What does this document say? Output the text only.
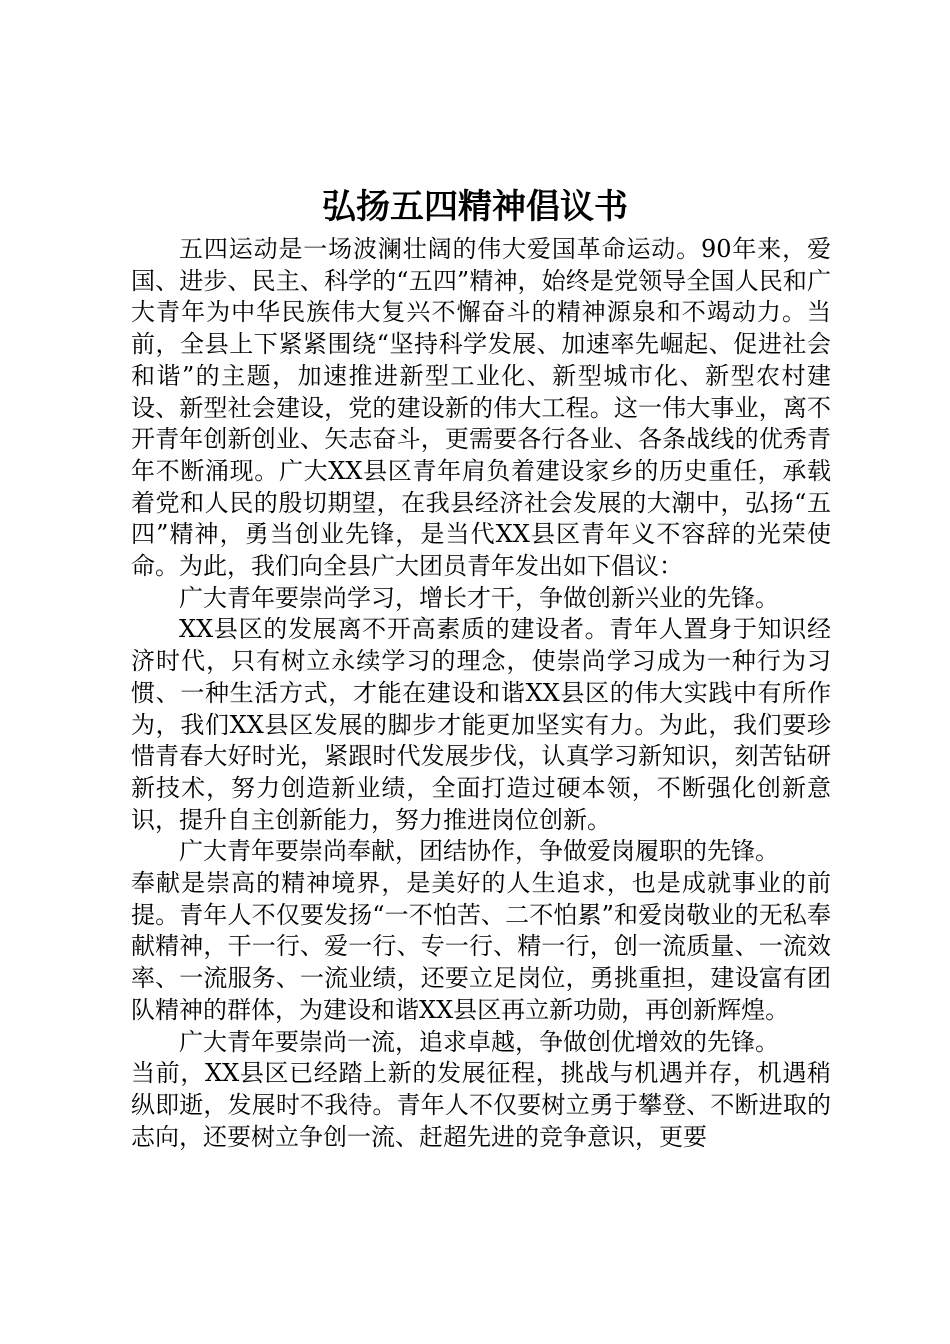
弘扬五四精神倡议书

五四运动是一场波澜壮阔的伟大爱国革命运动。90年来，爱国、进步、民主、科学的“五四”精神，始终是党领导全国人民和广大青年为中华民族伟大复兴不懈奋斗的精神源泉和不竭动力。当前，全县上下紧紧围绕“坚持科学发展、加速率先崛起、促进社会和谐”的主题，加速推进新型工业化、新型城市化、新型农村建设、新型社会建设，党的建设新的伟大工程。这一伟大事业，离不开青年创新创业、矢志奋斗，更需要各行各业、各条战线的优秀青年不断涌现。广大XX县区青年肩负着建设家乡的历史重任，承载着党和人民的殷切期望，在我县经济社会发展的大潮中，弘扬“五四”精神，勇当创业先锋，是当代XX县区青年义不容辞的光荣使命。为此，我们向全县广大团员青年发出如下倡议：

广大青年要崇尚学习，增长才干，争做创新兴业的先锋。

XX县区的发展离不开高素质的建设者。青年人置身于知识经济时代，只有树立永续学习的理念，使崇尚学习成为一种行为习惯、一种生活方式，才能在建设和谐XX县区的伟大实践中有所作为，我们XX县区发展的脚步才能更加坚实有力。为此，我们要珍惜青春大好时光，紧跟时代发展步伐，认真学习新知识，刻苦钻研新技术，努力创造新业绩，全面打造过硬本领，不断强化创新意识，提升自主创新能力，努力推进岗位创新。

广大青年要崇尚奉献，团结协作，争做爱岗履职的先锋。

奉献是崇高的精神境界，是美好的人生追求，也是成就事业的前提。青年人不仅要发扬“一不怕苦、二不怕累”和爱岗敬业的无私奉献精神，干一行、爱一行、专一行、精一行，创一流质量、一流效率、一流服务、一流业绩，还要立足岗位，勇挑重担，建设富有团队精神的群体，为建设和谐XX县区再立新功勋，再创新辉煌。

广大青年要崇尚一流，追求卓越，争做创优增效的先锋。

当前，XX县区已经踏上新的发展征程，挑战与机遇并存，机遇稍纵即逝，发展时不我待。青年人不仅要树立勇于攀登、不断进取的志向，还要树立争创一流、赶超先进的竞争意识，更要
